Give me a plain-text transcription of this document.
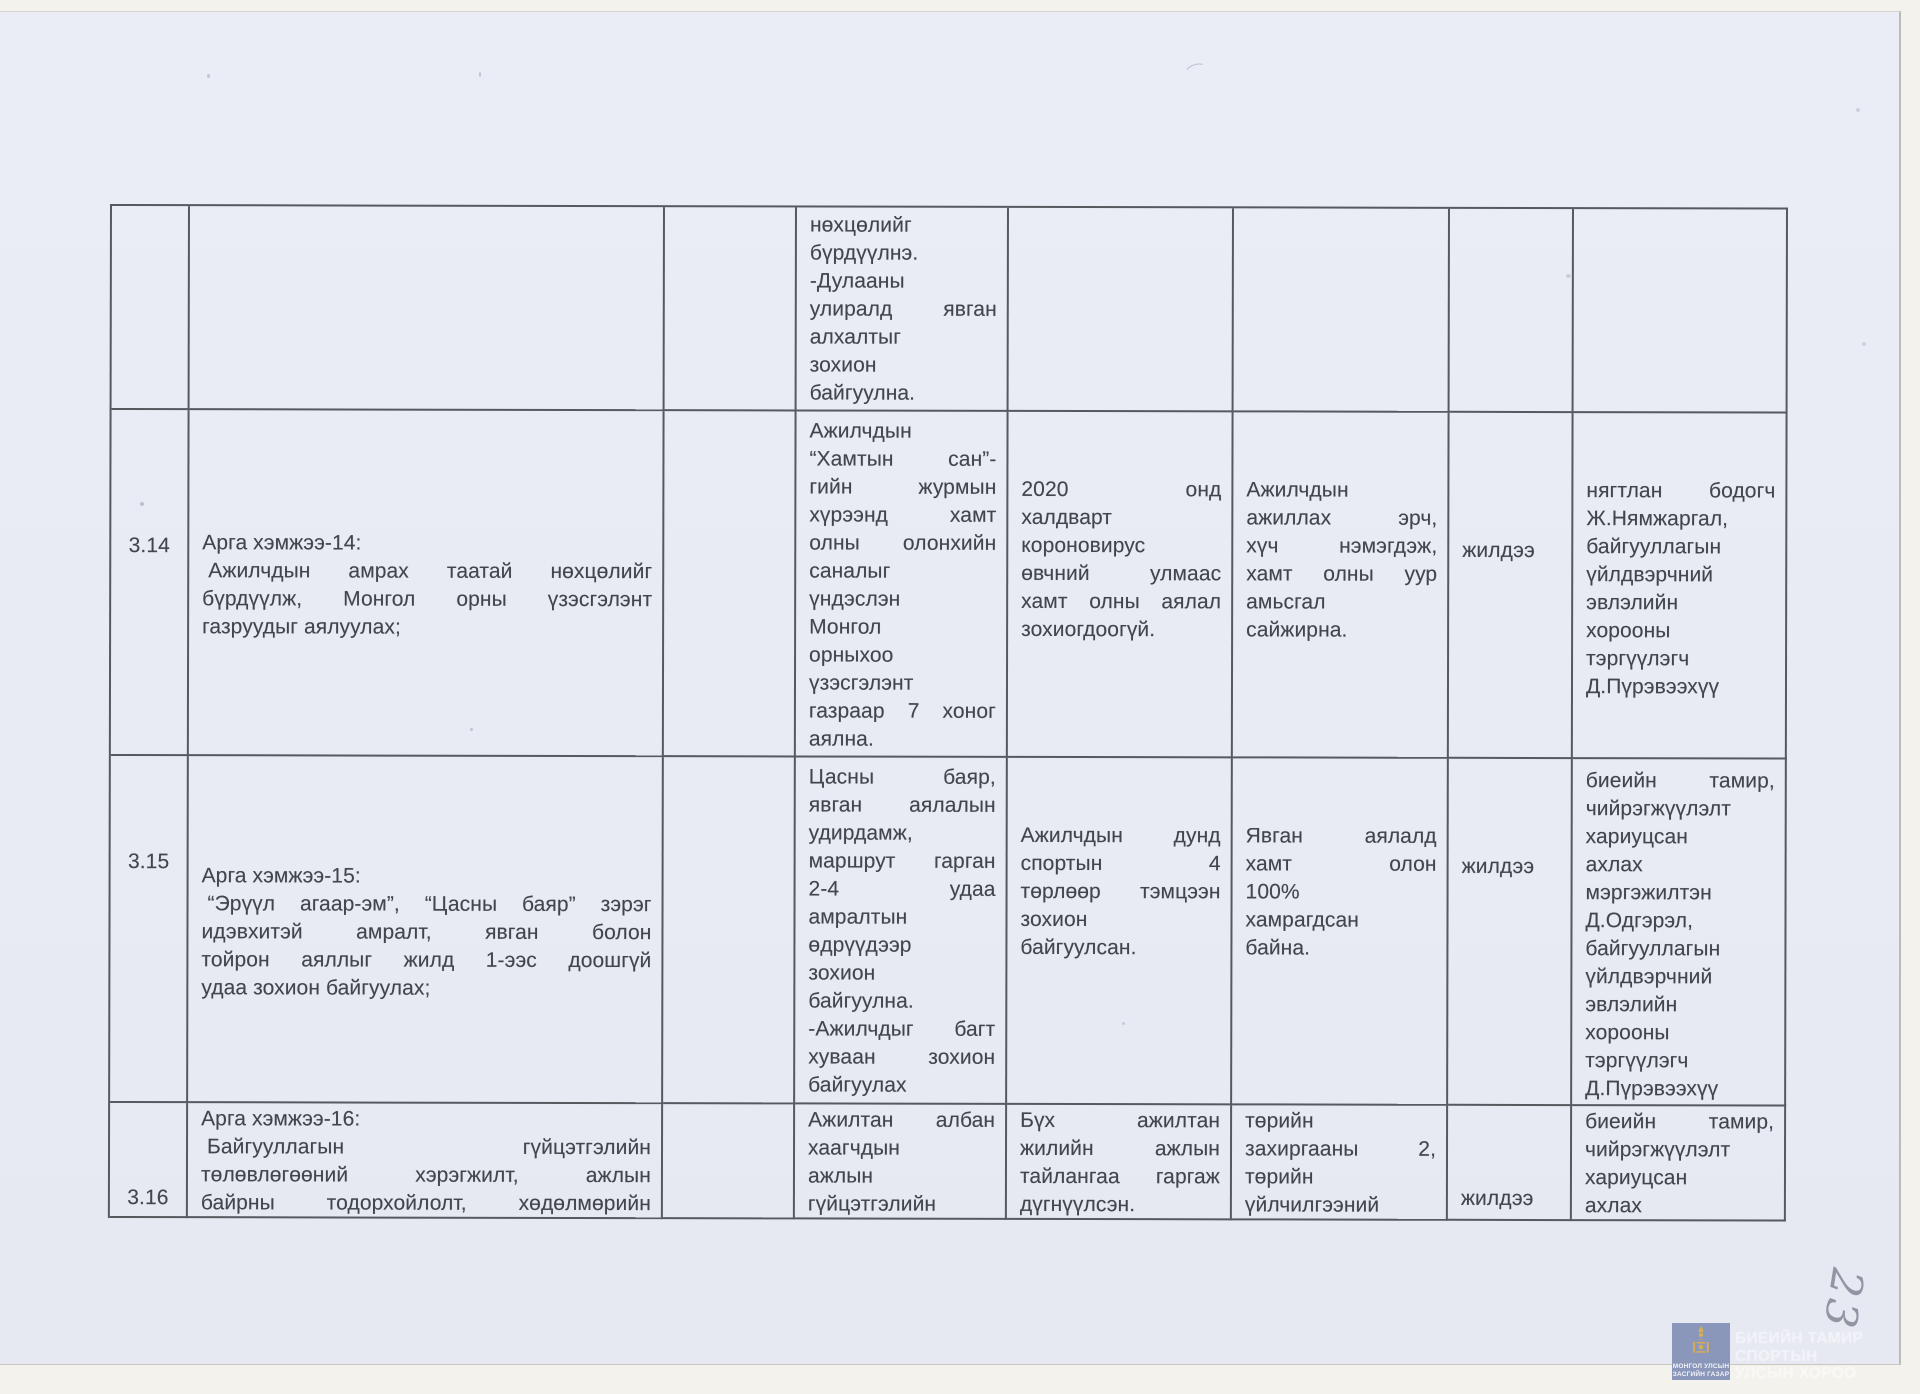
нөхцөлийг
бүрдүүлнэ.
-Дулааны
улиралд явган
алхалтыг
зохион
байгуулна.
3.14 Арга хэмжээ-14:
Ажилчдын амрах таатай нөхцөлийг
бүрдүүлж, Монгол орны үзэсгэлэнт
газруудыг аялуулах;
Ажилчдын
“Хамтын сан”-
гийн журмын
хүрээнд хамт
олны олонхийн
саналыг
үндэслэн
Монгол
орныхоо
үзэсгэлэнт
газраар 7 хоног
аялна.
2020 онд
халдварт
короновирус
өвчний улмаас
хамт олны аялал
зохиогдоогүй.
Ажилчдын
ажиллах эрч,
хүч нэмэгдэж,
хамт олны уур
амьсгал
сайжирна.
жилдээ
нягтлан бодогч
Ж.Нямжаргал,
байгууллагын
үйлдвэрчний
эвлэлийн
хорооны
тэргүүлэгч
Д.Пүрэвээхүү
3.15
Арга хэмжээ-15:
“Эрүүл агаар-эм”, “Цасны баяр” зэрэг
идэвхитэй амралт, явган болон
тойрон аяллыг жилд 1-ээс доошгүй
удаа зохион байгуулах;
Цасны баяр,
явган аялалын
удирдамж,
маршрут гарган
2-4 удаа
амралтын
өдрүүдээр
зохион
байгуулна.
-Ажилчдыг багт
хуваан зохион
байгуулах
Ажилчдын дунд
спортын 4
төрлөөр тэмцээн
зохион
байгуулсан.
Явган аялалд
хамт олон
100%
хамрагдсан
байна.
жилдээ
биеийн тамир,
чийрэгжүүлэлт
хариуцсан
ахлах
мэргэжилтэн
Д.Одгэрэл,
байгууллагын
үйлдвэрчний
эвлэлийн
хорооны
тэргүүлэгч
Д.Пүрэвээхүү
3.16
Арга хэмжээ-16:
Байгууллагын гүйцэтгэлийн
төлөвлөгөөний хэрэгжилт, ажлын
байрны тодорхойлолт, хөдөлмөрийн
Ажилтан албан
хаагчдын
ажлын
гүйцэтгэлийн
Бүх ажилтан
жилийн ажлын
тайлангаа гаргаж
дүгнүүлсэн.
төрийн
захиргааны 2,
төрийн
үйлчилгээний	жилдээ
биеийн тамир,
чийрэгжүүлэлт
хариуцсан
ахлах
БИЕИЙН ТАМИР СПОРТЫН
УЛСЫН ХОРОО
МОНГОЛ УЛСЫН
ЗАСГИЙН ГАЗАР
23
